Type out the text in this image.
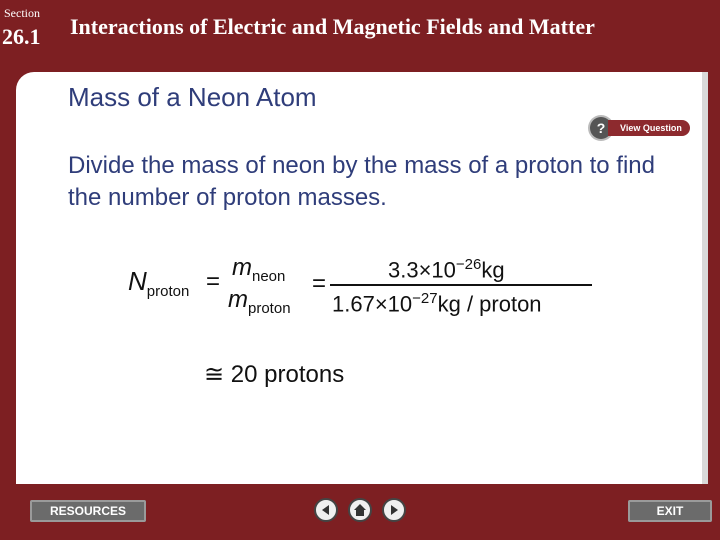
Section
26.1 Interactions of Electric and Magnetic Fields and Matter
Mass of a Neon Atom
?	View Question
Divide the mass of neon by the mass of a proton to find the number of proton masses.
$N_{proton}$ =
$m_{neon}$
$m_{proton}$
=
$3.3\times 10^{-26}kg$
$1.67\times 10^{-27}kg$ / proton
≅ 20 protons
RESOURCES	EXIT
